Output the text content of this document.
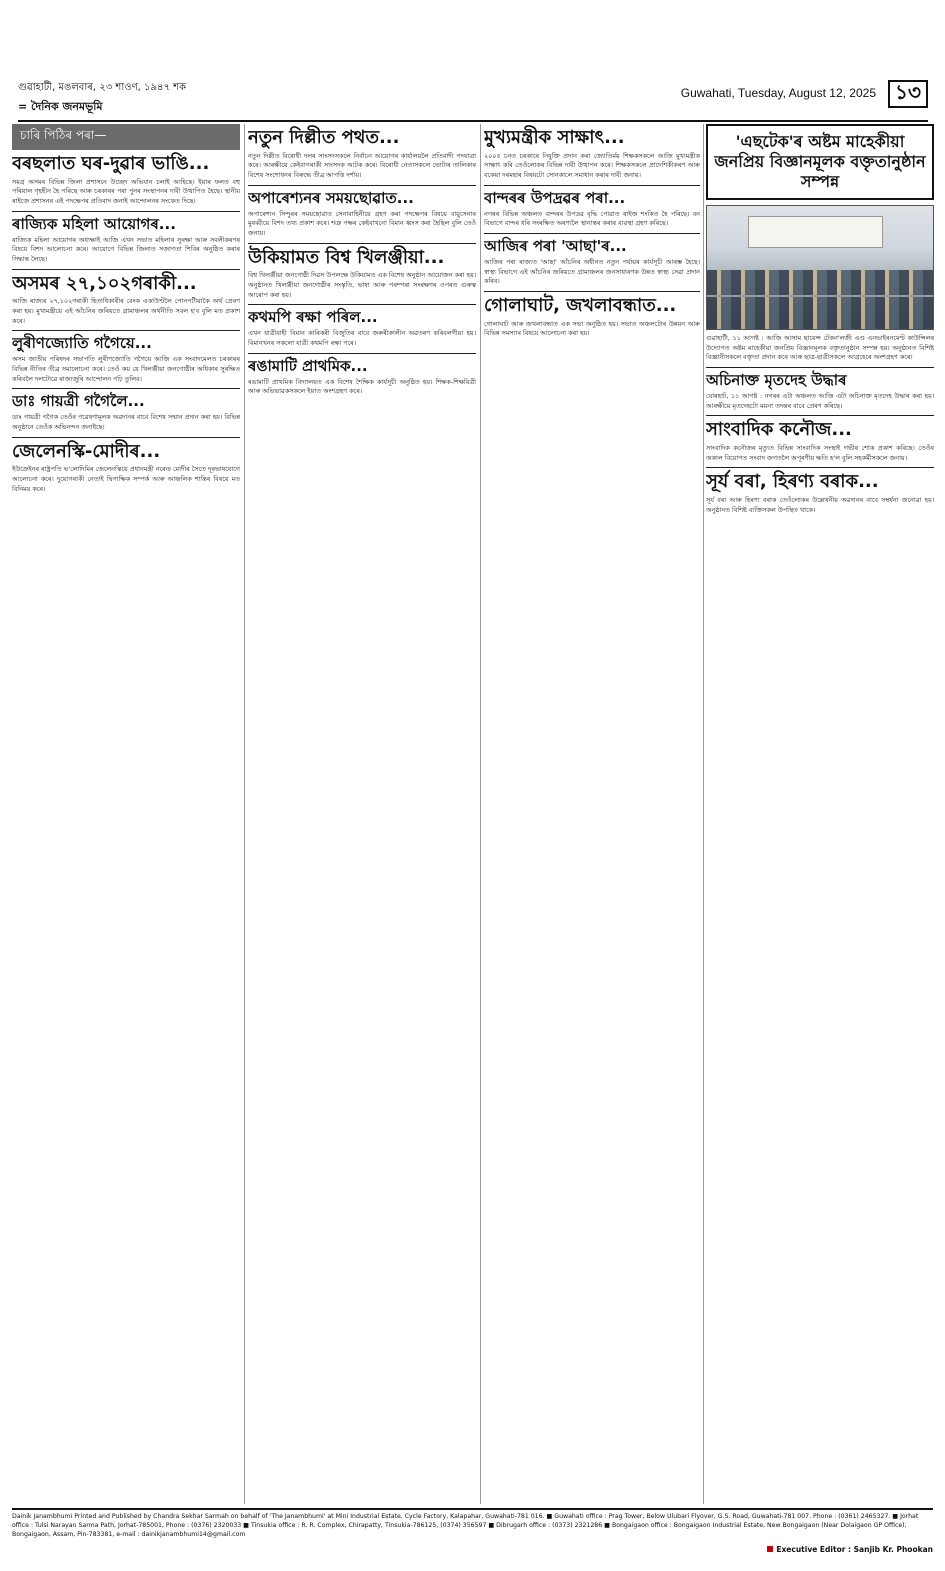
গুৱাহাটী, মঙলবাৰ, ২৩ শাওণ, ১৯৪৭ শক
= দৈনিক জনমভূমি
Guwahati, Tuesday, August 12, 2025 ১৩
চাৰি পিঠিৰ পৰা—
বৰছলাত ঘৰ-দুৱাৰ ভাঙি...
সমগ্ৰ অসমৰ বিভিন্ন জিলা প্ৰশাসনে উচ্ছেদ অভিযান চলাই আহিছে। ইয়াৰ ফলত বহু পৰিয়াল গৃহহীন হৈ পৰিছে আৰু চৰকাৰৰ পৰা পুনৰ সংস্থাপনৰ দাবী উত্থাপিত হৈছে। স্থানীয় ৰাইজে প্ৰশাসনৰ এই পদক্ষেপৰ প্ৰতিবাদ জনাই আন্দোলনৰ সংকেত দিছে।
ৰাজ্যিক মহিলা আয়োগৰ...
ৰাজ্যিক মহিলা আয়োগৰ অধ্যক্ষাই আজি এখন সভাত মহিলাৰ সুৰক্ষা আৰু সবলীকৰণৰ বিষয়ে বিশদ আলোচনা কৰে। আয়োগে বিভিন্ন জিলাত সজাগতা শিবিৰ অনুষ্ঠিত কৰাৰ সিদ্ধান্ত লৈছে।
অসমৰ ২৭,১০২গৰাকী...
আজি ৰাজ্যৰ ২৭,১০২গৰাকী হিতাধিকাৰীৰ বেংক একাউণ্টলৈ পোনপটীয়াকৈ অৰ্থ প্ৰেৰণ কৰা হয়। মুখ্যমন্ত্ৰীয়ে এই আঁচনিৰ জৰিয়তে গ্ৰামাঞ্চলৰ অৰ্থনীতি সবল হ'ব বুলি মত প্ৰকাশ কৰে।
লুৰীণজ্যোতি গগৈয়ে...
অসম জাতীয় পৰিষদৰ সভাপতি লুৰীণজ্যোতি গগৈয়ে আজি এক সংবাদমেলত চৰকাৰৰ বিভিন্ন নীতিৰ তীব্ৰ সমালোচনা কৰে। তেওঁ কয় যে খিলঞ্জীয়া জনগোষ্ঠীৰ অধিকাৰ সুৰক্ষিত কৰিবলৈ দলটোৱে ৰাজ্যজুৰি আন্দোলন গঢ়ি তুলিব।
ডাঃ গায়ত্ৰী গগৈলৈ...
ডাঃ গায়ত্ৰী গগৈক তেওঁৰ গৱেষণামূলক অৱদানৰ বাবে বিশেষ সন্মান প্ৰদান কৰা হয়। বিভিন্ন অনুষ্ঠানে তেওঁক অভিনন্দন জনাইছে।
জেলেনস্কি-মোদীৰ...
ইউক্ৰেইনৰ ৰাষ্ট্ৰপতি ভ'লোদিমিৰ জেলেনস্কিয়ে প্ৰধানমন্ত্ৰী নৰেন্দ্ৰ মোদীৰ সৈতে দূৰভাষযোগে আলোচনা কৰে। দুয়োগৰাকী নেতাই দ্বিপাক্ষিক সম্পৰ্ক আৰু আঞ্চলিক শান্তিৰ বিষয়ে মত বিনিময় কৰে।
নতুন দিল্লীত পথত...
নতুন দিল্লীত বিৰোধী দলৰ সাংসদসকলে নিৰ্বাচন আয়োগৰ কাৰ্যালয়লৈ প্ৰতিবাদী পদযাত্ৰা কৰে। আৰক্ষীয়ে কেইবাগৰাকী সাংসদক আটক কৰে। বিৰোধী নেতাসকলে ভোটাৰ তালিকাৰ বিশেষ সংশোধনৰ বিৰুদ্ধে তীব্ৰ আপত্তি দৰ্শায়।
অপাৰেশ্যনৰ সময়ছোৱাত...
অপাৰেশ্যন সিন্দুৰৰ সময়ছোৱাত সেনাবাহিনীয়ে গ্ৰহণ কৰা পদক্ষেপৰ বিষয়ে বায়ুসেনাৰ মুৰব্বীয়ে বিশদ তথ্য প্ৰকাশ কৰে। শত্ৰু পক্ষৰ কেইবাখনো বিমান ধ্বংস কৰা হৈছিল বুলি তেওঁ জনায়।
উকিয়ামত বিশ্ব খিলঞ্জীয়া...
বিশ্ব খিলঞ্জীয়া জনগোষ্ঠী দিৱস উপলক্ষে উকিয়ামত এক বিশেষ অনুষ্ঠান আয়োজন কৰা হয়। অনুষ্ঠানত খিলঞ্জীয়া জনগোষ্ঠীৰ সংস্কৃতি, ভাষা আৰু পৰম্পৰা সংৰক্ষণৰ ওপৰত গুৰুত্ব আৰোপ কৰা হয়।
কথমপি ৰক্ষা পৰিল...
এখন যাত্ৰীবাহী বিমান কাৰিকৰী বিজুতিৰ বাবে জৰুৰীকালীন অৱতৰণ কৰিবলগীয়া হয়। বিমানখনৰ সকলো যাত্ৰী কথমপি ৰক্ষা পৰে।
ৰঙামাটি প্ৰাথমিক...
ৰঙামাটি প্ৰাথমিক বিদ্যালয়ত এক বিশেষ শৈক্ষিক কাৰ্যসূচী অনুষ্ঠিত হয়। শিক্ষক-শিক্ষয়িত্ৰী আৰু অভিভাৱকসকলে ইয়াত অংশগ্ৰহণ কৰে।
মুখ্যমন্ত্ৰীক সাক্ষাৎ...
২০০৫ চনত চৰকাৰে নিযুক্তি প্ৰদান কৰা জ্যোতিৰ্ময় শিক্ষকসকলে আজি মুখ্যমন্ত্ৰীক সাক্ষাৎ কৰি তেওঁলোকৰ বিভিন্ন দাবী উত্থাপন কৰে। শিক্ষকসকলে প্ৰাদেশিকীকৰণ আৰু বকেয়া দৰমহাৰ বিষয়টো সোনকালে সমাধান কৰাৰ দাবী জনায়।
বান্দৰৰ উপদ্ৰৱৰ পৰা...
নগৰৰ বিভিন্ন অঞ্চলত বান্দৰৰ উপদ্ৰৱ বৃদ্ধি পোৱাত ৰাইজ শংকিত হৈ পৰিছে। বন বিভাগে বান্দৰ ধৰি সংৰক্ষিত অৰণ্যলৈ স্থানান্তৰ কৰাৰ ব্যৱস্থা গ্ৰহণ কৰিছে।
আজিৰ পৰা 'আছা'ৰ...
আজিৰ পৰা ৰাজ্যত 'আছা' আঁচনিৰ অধীনত নতুন পৰ্যায়ৰ কাৰ্যসূচী আৰম্ভ হৈছে। স্বাস্থ্য বিভাগে এই আঁচনিৰ জৰিয়তে গ্ৰামাঞ্চলৰ জনসাধাৰণক উন্নত স্বাস্থ্য সেৱা প্ৰদান কৰিব।
গোলাঘাট, জখলাবন্ধাত...
গোলাঘাট আৰু জখলাবন্ধাত এক সভা অনুষ্ঠিত হয়। সভাত অঞ্চলটোৰ উন্নয়ন আৰু বিভিন্ন সমস্যাৰ বিষয়ে আলোচনা কৰা হয়।
'এছটেক'ৰ অষ্টম মাহেকীয়া জনপ্ৰিয় বিজ্ঞানমূলক বক্তৃতানুষ্ঠান সম্পন্ন
গুৱাহাটী, ১১ আগষ্ট : আজি আসাম ছায়েন্স টেকন'লজী এণ্ড এনভাইৰনমেণ্ট কাউন্সিলৰ উদ্যোগত অষ্টম মাহেকীয়া জনপ্ৰিয় বিজ্ঞানমূলক বক্তৃতানুষ্ঠান সম্পন্ন হয়। অনুষ্ঠানত বিশিষ্ট বিজ্ঞানীসকলে বক্তৃতা প্ৰদান কৰে আৰু ছাত্ৰ-ছাত্ৰীসকলে আগ্ৰহেৰে অংশগ্ৰহণ কৰে।
অচিনাক্ত মৃতদেহ উদ্ধাৰ
যোৰহাট, ১১ আগষ্ট : নগৰৰ এটা অঞ্চলত আজি এটা অচিনাক্ত মৃতদেহ উদ্ধাৰ কৰা হয়। আৰক্ষীয়ে মৃতদেহটো ময়না তদন্তৰ বাবে প্ৰেৰণ কৰিছে।
সাংবাদিক কনৌজ...
সাংবাদিক কনৌজৰ মৃত্যুত বিভিন্ন সাংবাদিক সংস্থাই গভীৰ শোক প্ৰকাশ কৰিছে। তেওঁৰ অকাল বিয়োগত সংবাদ জগতলৈ অপূৰণীয় ক্ষতি হ'ল বুলি সহকৰ্মীসকলে জনায়।
সূৰ্য বৰা, হিৰণ্য বৰাক...
সূৰ্য বৰা আৰু হিৰণ্য বৰাক তেওঁলোকৰ উল্লেখনীয় অৱদানৰ বাবে সম্বৰ্ধনা জনোৱা হয়। অনুষ্ঠানত বিশিষ্ট ব্যক্তিসকল উপস্থিত থাকে।
Dainik Janambhumi Printed and Published by Chandra Sekhar Sarmah on behalf of 'The Janambhumi' at Mini Industrial Estate, Cycle Factory, Kalapahar, Guwahati-781 016. ■ Guwahati office : Prag Tower, Below Ulubari Flyover, G.S. Road, Guwahati-781 007. Phone : (0361) 2465327. ■ Jorhat office : Tulsi Narayan Sarma Path, Jorhat-785001, Phone : (0376) 2320033 ■ Tinsukia office : R. R. Complex, Chirapatty, Tinsukia-786125, (0374) 356597 ■ Dibrugarh office : (0373) 2321286 ■ Bongaigaon office : Bongaigaon Industrial Estate, New Bongaigaon (Near Dolaigaon GP Office), Bongaigaon, Assam, Pin-783381, e-mail : dainikjanambhumi14@gmail.com
Executive Editor : Sanjib Kr. Phookan
